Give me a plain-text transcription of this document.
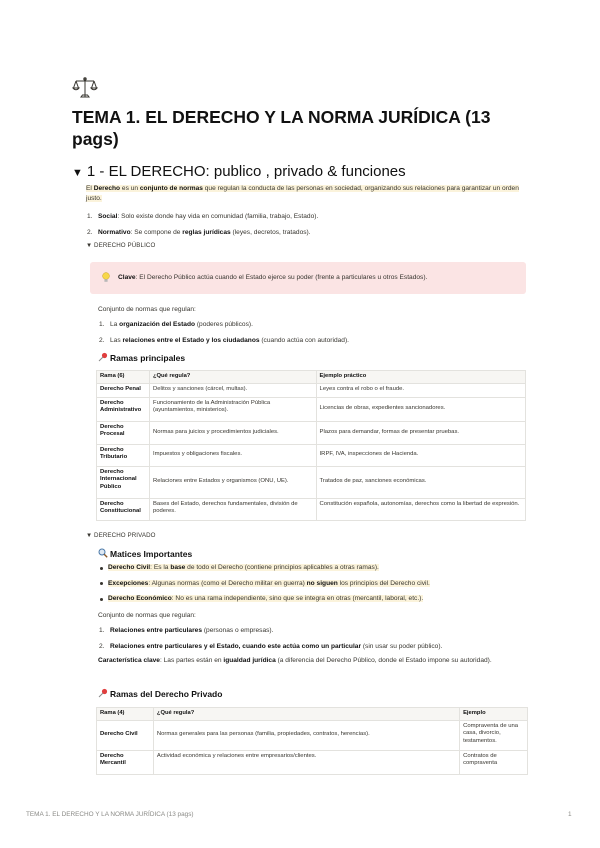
TEMA 1. EL DERECHO Y LA NORMA JURÍDICA (13 pags)
▼ 1 - EL DERECHO: publico , privado & funciones
El Derecho es un conjunto de normas que regulan la conducta de las personas en sociedad, organizando sus relaciones para garantizar un orden justo.
1. Social: Solo existe donde hay vida en comunidad (familia, trabajo, Estado).
2. Normativo: Se compone de reglas jurídicas (leyes, decretos, tratados).
▼ DERECHO PÚBLICO
Clave: El Derecho Público actúa cuando el Estado ejerce su poder (frente a particulares u otros Estados).
Conjunto de normas que regulan:
1. La organización del Estado (poderes públicos).
2. Las relaciones entre el Estado y los ciudadanos (cuando actúa con autoridad).
Ramas principales
Rama (6)	¿Qué regula?	Ejemplo práctico
Derecho Penal	Delitos y sanciones (cárcel, multas).	Leyes contra el robo o el fraude.
Derecho Administrativo	Funcionamiento de la Administración Pública (ayuntamientos, ministerios).	Licencias de obras, expedientes sancionadores.
Derecho Procesal	Normas para juicios y procedimientos judiciales.	Plazos para demandar, formas de presentar pruebas.
Derecho Tributario	Impuestos y obligaciones fiscales.	IRPF, IVA, inspecciones de Hacienda.
Derecho Internacional Público	Relaciones entre Estados y organismos (ONU, UE).	Tratados de paz, sanciones económicas.
Derecho Constitucional	Bases del Estado, derechos fundamentales, división de poderes.	Constitución española, autonomías, derechos como la libertad de expresión.
▼ DERECHO PRIVADO
Matices Importantes
Derecho Civil: Es la base de todo el Derecho (contiene principios aplicables a otras ramas).
Excepciones: Algunas normas (como el Derecho militar en guerra) no siguen los principios del Derecho civil.
Derecho Económico: No es una rama independiente, sino que se integra en otras (mercantil, laboral, etc.).
Conjunto de normas que regulan:
1. Relaciones entre particulares (personas o empresas).
2. Relaciones entre particulares y el Estado, cuando este actúa como un particular (sin usar su poder público).
Característica clave: Las partes están en igualdad jurídica (a diferencia del Derecho Público, donde el Estado impone su autoridad).
Ramas del Derecho Privado
Rama (4)	¿Qué regula?	Ejemplo
Derecho Civil	Normas generales para las personas (familia, propiedades, contratos, herencias).	Compraventa de una casa, divorcio, testamentos.
Derecho Mercantil	Actividad económica y relaciones entre empresarios/clientes.	Contratos de compraventa
TEMA 1. EL DERECHO Y LA NORMA JURÍDICA (13 pags)	1
